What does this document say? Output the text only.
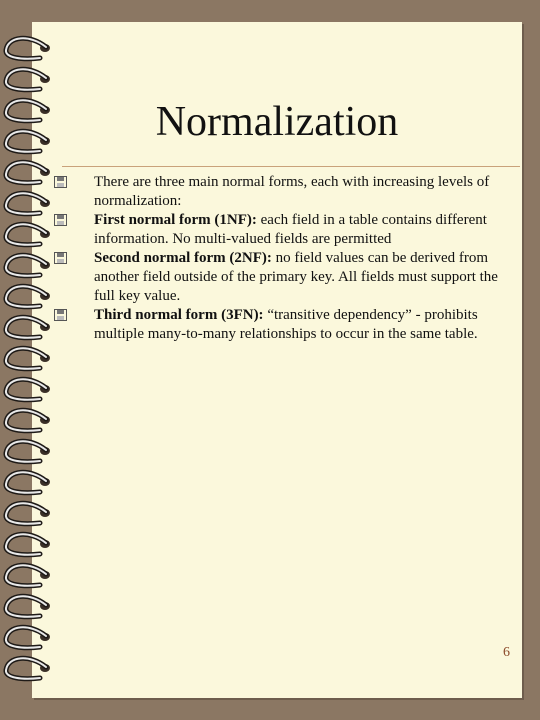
Normalization
There are three main normal forms, each with increasing levels of normalization:
First normal form (1NF): each field in a table contains different information. No multi-valued fields are permitted
Second normal form (2NF): no field values can be derived from another field outside of the primary key. All fields must support the full key value.
Third normal form (3FN): “transitive dependency” - prohibits multiple many-to-many relationships to occur in the same table.
6
